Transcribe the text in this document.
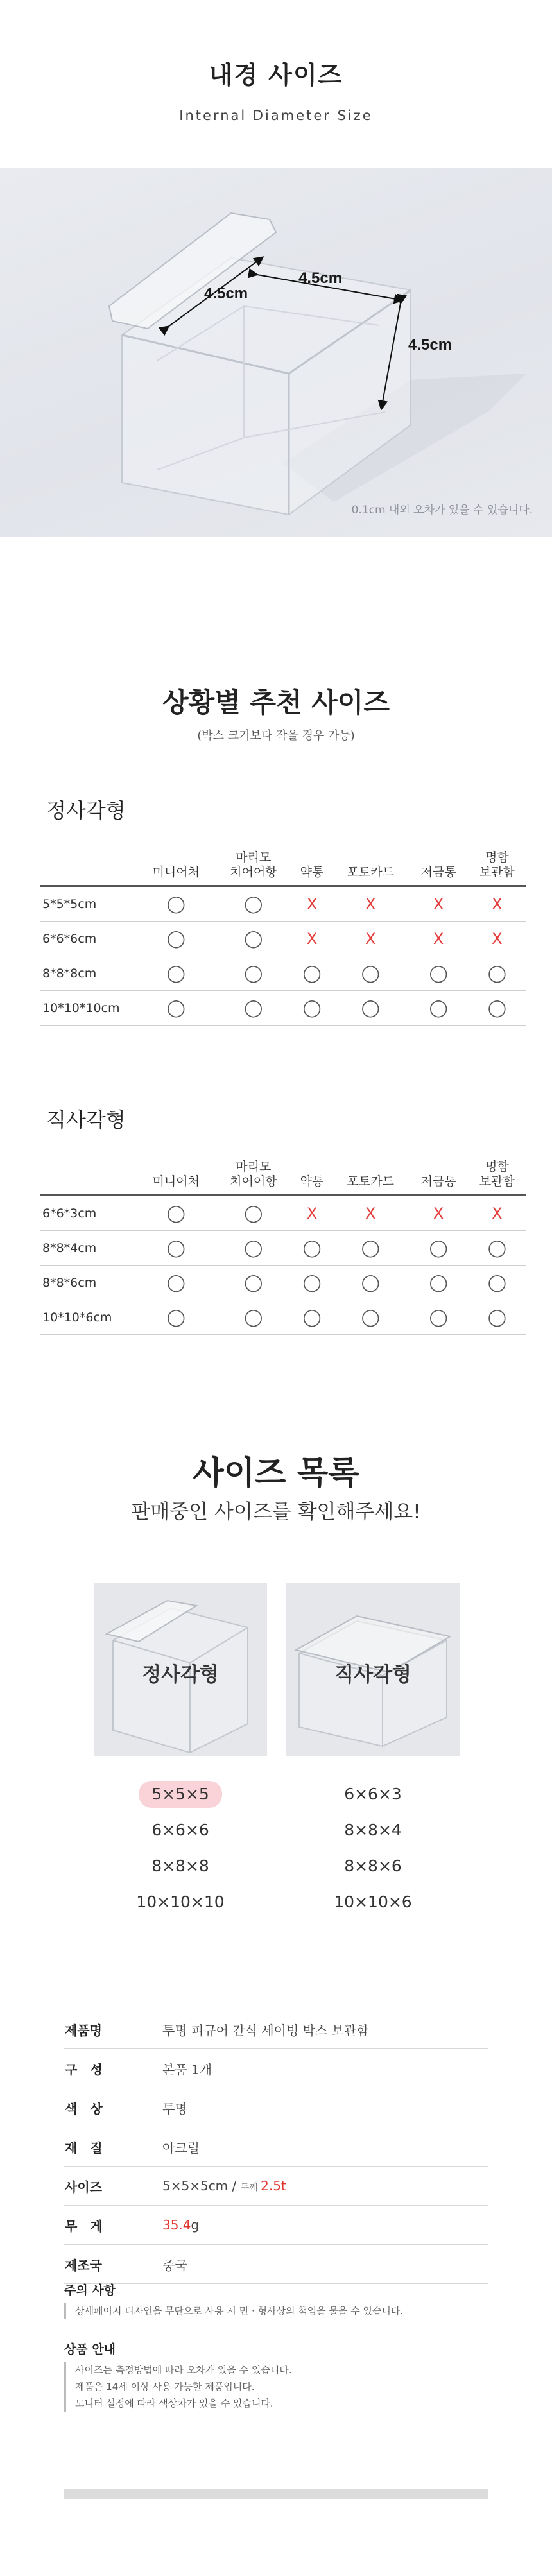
내경 사이즈
Internal Diameter Size
4.5cm
4.5cm
4.5cm
0.1cm 내외 오차가 있을 수 있습니다.
상황별 추천 사이즈
(박스 크기보다 작을 경우 가능)
정사각형
	미니어처	마리모
치어어항	약통	포토카드	저금통	명함
보관함
5*5*5cm	◯	◯	X	X	X	X
6*6*6cm	◯	◯	X	X	X	X
8*8*8cm	◯	◯	◯	◯	◯	◯
10*10*10cm	◯	◯	◯	◯	◯	◯
직사각형
	미니어처	마리모
치어어항	약통	포토카드	저금통	명함
보관함
6*6*3cm	◯	◯	X	X	X	X
8*8*4cm	◯	◯	◯	◯	◯	◯
8*8*6cm	◯	◯	◯	◯	◯	◯
10*10*6cm	◯	◯	◯	◯	◯	◯
사이즈 목록
판매중인 사이즈를 확인해주세요!
정사각형	직사각형
5×5×5
6×6×6
8×8×8
10×10×10
6×6×3
8×8×4
8×8×6
10×10×6
제품명	투명 피규어 간식 세이빙 박스 보관함
구　성	본품 1개
색　상	투명
재　질	아크릴
사이즈	5×5×5cm / 두께 2.5t
무　게	35.4g
제조국	중국
주의 사항
상세페이지 디자인을 무단으로 사용 시 민 · 형사상의 책임을 물을 수 있습니다.
상품 안내
사이즈는 측정방법에 따라 오차가 있을 수 있습니다.
제품은 14세 이상 사용 가능한 제품입니다.
모니터 설정에 따라 색상차가 있을 수 있습니다.
